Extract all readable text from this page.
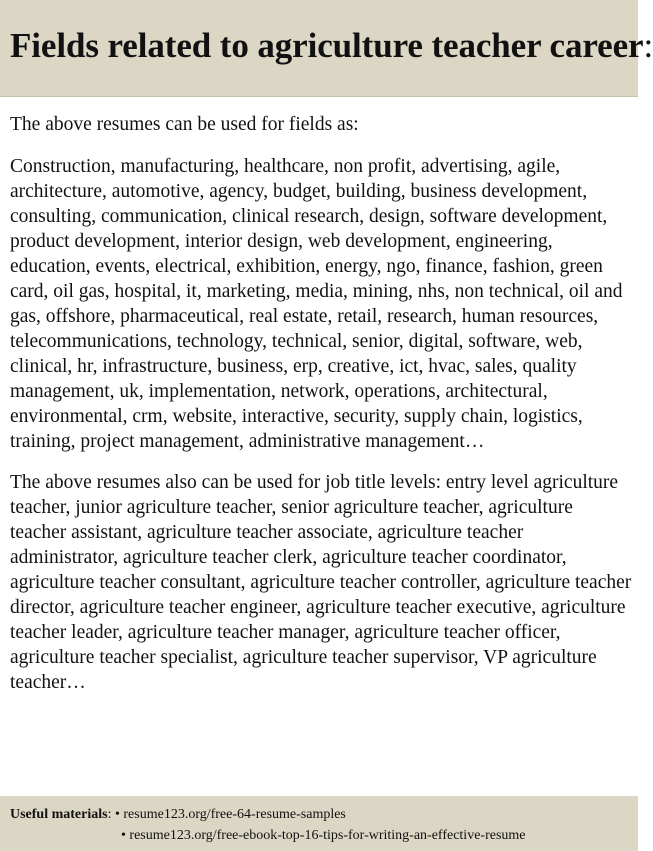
Fields related to agriculture teacher career:

The above resumes can be used for fields as:

Construction, manufacturing, healthcare, non profit, advertising, agile, architecture, automotive, agency, budget, building, business development, consulting, communication, clinical research, design, software development, product development, interior design, web development, engineering, education, events, electrical, exhibition, energy, ngo, finance, fashion, green card, oil gas, hospital, it, marketing, media, mining, nhs, non technical, oil and gas, offshore, pharmaceutical, real estate, retail, research, human resources, telecommunications, technology, technical, senior, digital, software, web, clinical, hr, infrastructure, business, erp, creative, ict, hvac, sales, quality management, uk, implementation, network, operations, architectural, environmental, crm, website, interactive, security, supply chain, logistics, training, project management, administrative management…

The above resumes also can be used for job title levels: entry level agriculture teacher, junior agriculture teacher, senior agriculture teacher, agriculture teacher assistant, agriculture teacher associate, agriculture teacher administrator, agriculture teacher clerk, agriculture teacher coordinator, agriculture teacher consultant, agriculture teacher controller, agriculture teacher director, agriculture teacher engineer, agriculture teacher executive, agriculture teacher leader, agriculture teacher manager, agriculture teacher officer, agriculture teacher specialist, agriculture teacher supervisor, VP agriculture teacher…

Useful materials: • resume123.org/free-64-resume-samples
• resume123.org/free-ebook-top-16-tips-for-writing-an-effective-resume
